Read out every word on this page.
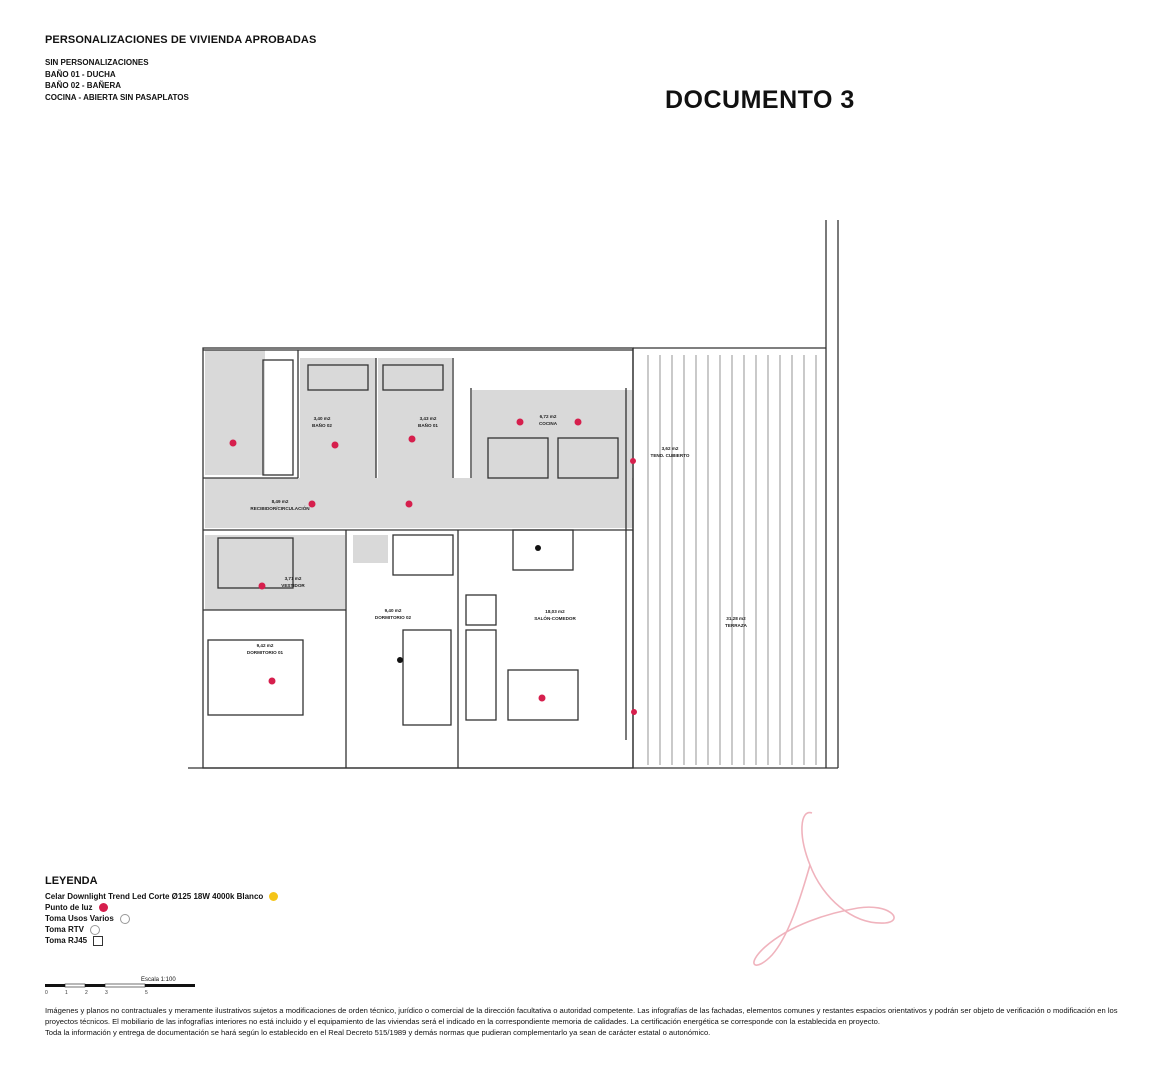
PERSONALIZACIONES DE VIVIENDA APROBADAS
SIN PERSONALIZACIONES
BAÑO 01 - DUCHA
BAÑO 02 - BAÑERA
COCINA - ABIERTA SIN PASAPLATOS	DOCUMENTO 3
3,40 m2
BAÑO 02
3,43 m2
BAÑO 01
6,72 m2
COCINA
3,62 m2
TEND. CUBIERTO
8,49 m2
RECIBIDOR/CIRCULACIÓN
3,71 m2
VESTIDOR
9,40 m2
DORMITORIO 02
18,03 m2
SALÓN-COMEDOR
9,42 m2
DORMITORIO 01
31,28 m2
TERRAZA
LEYENDA
Celar Downlight Trend Led Corte Ø125 18W 4000k Blanco
Punto de luz
Toma Usos Varios
Toma RTV
Toma RJ45
0	1	2	3	5
Escala 1:100

Imágenes y planos no contractuales y meramente ilustrativos sujetos a modificaciones de orden técnico, jurídico o comercial de la dirección facultativa o autoridad competente. Las infografías de las fachadas, elementos comunes y restantes espacios orientativos y podrán ser objeto de verificación o modificación en los proyectos técnicos. El mobiliario de las infografías interiores no está incluido y el equipamiento de las viviendas será el indicado en la correspondiente memoria de calidades. La certificación energética se corresponde con la establecida en proyecto.

Toda la información y entrega de documentación se hará según lo establecido en el Real Decreto 515/1989 y demás normas que pudieran complementarlo ya sean de carácter estatal o autonómico.
